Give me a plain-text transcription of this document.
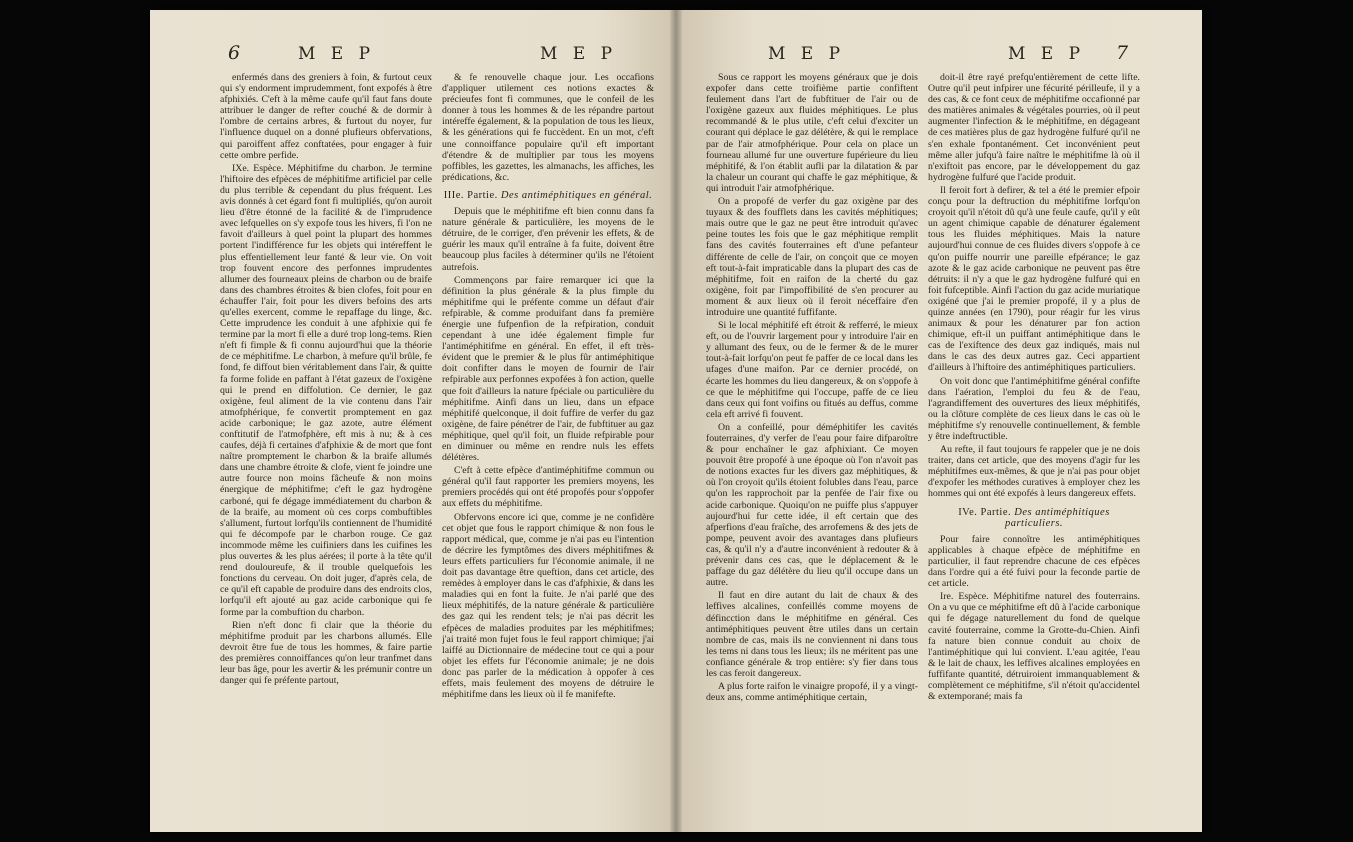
6	M E P	M E P

enfermés dans des greniers à foin, & furtout ceux qui s'y endorment imprudemment, font expofés à être afphixiés. C'eft à la même caufe qu'il faut fans doute attribuer le danger de refter couché & de dormir à l'ombre de certains arbres, & furtout du noyer, fur l'influence duquel on a donné plufieurs obfervations, qui paroiffent affez conftatées, pour engager à fuir cette ombre perfide.

IXe. Espèce. Méphitifme du charbon. Je termine l'hiftoire des efpèces de méphitifme artificiel par celle du plus terrible & cependant du plus fréquent. Les avis donnés à cet égard font fi multipliés, qu'on auroit lieu d'être étonné de la facilité & de l'imprudence avec lefquelles on s'y expofe tous les hivers, fi l'on ne favoit d'ailleurs à quel point la plupart des hommes portent l'indifférence fur les objets qui intéreffent le plus effentiellement leur fanté & leur vie. On voit trop fouvent encore des perfonnes imprudentes allumer des fourneaux pleins de charbon ou de braife dans des chambres étroites & bien clofes, foit pour en échauffer l'air, foit pour les divers befoins des arts qu'elles exercent, comme le repaffage du linge, &c. Cette imprudence les conduit à une afphixie qui fe termine par la mort fi elle a duré trop long-tems. Rien n'eft fi fimple & fi connu aujourd'hui que la théorie de ce méphitifme. Le charbon, à mefure qu'il brûle, fe fond, fe diffout bien véritablement dans l'air, & quitte fa forme folide en paffant à l'état gazeux de l'oxigène qui le prend en diffolution. Ce dernier, le gaz oxigène, feul aliment de la vie contenu dans l'air atmofphérique, fe convertit promptement en gaz acide carbonique; le gaz azote, autre élément conftitutif de l'atmofphère, eft mis à nu; & à ces caufes, déjà fi certaines d'afphixie & de mort que font naître promptement le charbon & la braife allumés dans une chambre étroite & clofe, vient fe joindre une autre fource non moins fâcheufe & non moins énergique de méphitifme; c'eft le gaz hydrogène carboné, qui fe dégage immédiatement du charbon & de la braife, au moment où ces corps combuftibles s'allument, furtout lorfqu'ils contiennent de l'humidité qui fe décompofe par le charbon rouge. Ce gaz incommode même les cuifiniers dans les cuifines les plus ouvertes & les plus aérées; il porte à la tête qu'il rend douloureufe, & il trouble quelquefois les fonctions du cerveau. On doit juger, d'après cela, de ce qu'il eft capable de produire dans des endroits clos, lorfqu'il eft ajouté au gaz acide carbonique qui fe forme par la combuftion du charbon.

Rien n'eft donc fi clair que la théorie du méphitifme produit par les charbons allumés. Elle devroit être fue de tous les hommes, & faire partie des premières connoiffances qu'on leur tranfmet dans leur bas âge, pour les avertir & les prémunir contre un danger qui fe préfente partout,

& fe renouvelle chaque jour. Les occafions d'appliquer utilement ces notions exactes & précieufes font fi communes, que le confeil de les donner à tous les hommes & de les répandre partout intéreffe également, & la population de tous les lieux, & les générations qui fe fuccèdent. En un mot, c'eft une connoiffance populaire qu'il eft important d'étendre & de multiplier par tous les moyens poffibles, les gazettes, les almanachs, les affiches, les prédications, &c.

IIIe. Partie. Des antiméphitiques en général.

Depuis que le méphitifme eft bien connu dans fa nature générale & particulière, les moyens de le détruire, de le corriger, d'en prévenir les effets, & de guérir les maux qu'il entraîne à fa fuite, doivent être beaucoup plus faciles à déterminer qu'ils ne l'étoient autrefois.

Commençons par faire remarquer ici que la définition la plus générale & la plus fimple du méphitifme qui le préfente comme un défaut d'air refpirable, & comme produifant dans fa première énergie une fufpenfion de la refpiration, conduit cependant à une idée également fimple fur l'antiméphitifme en général. En effet, il eft très-évident que le premier & le plus fûr antiméphitique doit confifter dans le moyen de fournir de l'air refpirable aux perfonnes expofées à fon action, quelle que foit d'ailleurs la nature fpéciale ou particulière du méphitifme. Ainfi dans un lieu, dans un efpace méphitifé quelconque, il doit fuffire de verfer du gaz oxigène, de faire pénétrer de l'air, de fubftituer au gaz méphitique, quel qu'il foit, un fluide refpirable pour en diminuer ou même en rendre nuls les effets délétères.

C'eft à cette efpèce d'antiméphitifme commun ou général qu'il faut rapporter les premiers moyens, les premiers procédés qui ont été propofés pour s'oppofer aux effets du méphitifme.

Obfervons encore ici que, comme je ne confidère cet objet que fous le rapport chimique & non fous le rapport médical, que, comme je n'ai pas eu l'intention de décrire les fymptômes des divers méphitifmes & leurs effets particuliers fur l'économie animale, il ne doit pas davantage être queftion, dans cet article, des remèdes à employer dans le cas d'afphixie, & dans les maladies qui en font la fuite. Je n'ai parlé que des lieux méphitifés, de la nature générale & particulière des gaz qui les rendent tels; je n'ai pas décrit les efpèces de maladies produites par les méphitifmes; j'ai traité mon fujet fous le feul rapport chimique; j'ai laiffé au Dictionnaire de médecine tout ce qui a pour objet les effets fur l'économie animale; je ne dois donc pas parler de la médication à oppofer à ces effets, mais feulement des moyens de détruire le méphitifme dans les lieux où il fe manifefte.

M E P	M E P 7

Sous ce rapport les moyens généraux que je dois expofer dans cette troifième partie confiftent feulement dans l'art de fubftituer de l'air ou de l'oxigène gazeux aux fluides méphitiques. Le plus recommandé & le plus utile, c'eft celui d'exciter un courant qui déplace le gaz délétère, & qui le remplace par de l'air atmofphérique. Pour cela on place un fourneau allumé fur une ouverture fupérieure du lieu méphitifé, & l'on établit aufli par la dilatation & par la chaleur un courant qui chaffe le gaz méphitique, & qui introduit l'air atmofphérique.

On a propofé de verfer du gaz oxigène par des tuyaux & des foufflets dans les cavités méphitiques; mais outre que le gaz ne peut être introduit qu'avec peine toutes les fois que le gaz méphitique remplit fans des cavités fouterraines eft d'une pefanteur différente de celle de l'air, on conçoit que ce moyen eft tout-à-fait impraticable dans la plupart des cas de méphitifme, foit en raifon de la cherté du gaz oxigène, foit par l'impoffibilité de s'en procurer au moment & aux lieux où il feroit néceffaire d'en introduire une quantité fuffifante.

Si le local méphitifé eft étroit & refferré, le mieux eft, ou de l'ouvrir largement pour y introduire l'air en y allumant des feux, ou de le fermer & de le murer tout-à-fait lorfqu'on peut fe paffer de ce local dans les ufages d'une maifon. Par ce dernier procédé, on écarte les hommes du lieu dangereux, & on s'oppofe à ce que le méphitifme qui l'occupe, paffe de ce lieu dans ceux qui font voifins ou fitués au deffus, comme cela eft arrivé fi fouvent.

On a confeillé, pour déméphitifer les cavités fouterraines, d'y verfer de l'eau pour faire difparoître & pour enchaîner le gaz afphixiant. Ce moyen pouvoit être propofé à une époque où l'on n'avoit pas de notions exactes fur les divers gaz méphitiques, & où l'on croyoit qu'ils étoient folubles dans l'eau, parce qu'on les rapprochoit par la penfée de l'air fixe ou acide carbonique. Quoiqu'on ne puiffe plus s'appuyer aujourd'hui fur cette idée, il eft certain que des afperfions d'eau fraîche, des arrofemens & des jets de pompe, peuvent avoir des avantages dans plufieurs cas, & qu'il n'y a d'autre inconvénient à redouter & à prévenir dans ces cas, que le déplacement & le paffage du gaz délétère du lieu qu'il occupe dans un autre.

Il faut en dire autant du lait de chaux & des leffives alcalines, confeillés comme moyens de défincction dans le méphitifme en général. Ces antiméphitiques peuvent être utiles dans un certain nombre de cas, mais ils ne conviennent ni dans tous les tems ni dans tous les lieux; ils ne méritent pas une confiance générale & trop entière: s'y fier dans tous les cas feroit dangereux.

A plus forte raifon le vinaigre propofé, il y a vingt-deux ans, comme antiméphitique certain,

doit-il être rayé prefqu'entièrement de cette lifte. Outre qu'il peut infpirer une fécurité périlleufe, il y a des cas, & ce font ceux de méphitifme occafionné par des matières animales & végétales pourries, où il peut augmenter l'infection & le méphitifme, en dégageant de ces matières plus de gaz hydrogène fulfuré qu'il ne s'en exhale fpontanément. Cet inconvénient peut même aller jufqu'à faire naître le méphitifme là où il n'exiftoit pas encore, par le développement du gaz hydrogène fulfuré que l'acide produit.

Il feroit fort à defirer, & tel a été le premier efpoir conçu pour la deftruction du méphitifme lorfqu'on croyoit qu'il n'étoit dû qu'à une feule caufe, qu'il y eût un agent chimique capable de dénaturer également tous les fluides méphitiques. Mais la nature aujourd'hui connue de ces fluides divers s'oppofe à ce qu'on puiffe nourrir une pareille efpérance; le gaz azote & le gaz acide carbonique ne peuvent pas être détruits: il n'y a que le gaz hydrogène fulfuré qui en foit fufceptible. Ainfi l'action du gaz acide muriatique oxigéné que j'ai le premier propofé, il y a plus de quinze années (en 1790), pour réagir fur les virus animaux & pour les dénaturer par fon action chimique, eft-il un puiffant antiméphitique dans le cas de l'exiftence des deux gaz indiqués, mais nul dans le cas des deux autres gaz. Ceci appartient d'ailleurs à l'hiftoire des antiméphitiques particuliers.

On voit donc que l'antiméphitifme général confifte dans l'aération, l'emploi du feu & de l'eau, l'agrandiffement des ouvertures des lieux méphitifés, ou la clôture complète de ces lieux dans le cas où le méphitifme s'y renouvelle continuellement, & femble y être indeftructible.

Au refte, il faut toujours fe rappeler que je ne dois traiter, dans cet article, que des moyens d'agir fur les méphitifmes eux-mêmes, & que je n'ai pas pour objet d'expofer les méthodes curatives à employer chez les hommes qui ont été expofés à leurs dangereux effets.

IVe. Partie. Des antiméphitiques particuliers.

Pour faire connoître les antiméphitiques applicables à chaque efpèce de méphitifme en particulier, il faut reprendre chacune de ces efpèces dans l'ordre qui a été fuivi pour la feconde partie de cet article.

Ire. Espèce. Méphitifme naturel des fouterrains. On a vu que ce méphitifme eft dû à l'acide carbonique qui fe dégage naturellement du fond de quelque cavité fouterraine, comme la Grotte-du-Chien. Ainfi fa nature bien connue conduit au choix de l'antiméphitique qui lui convient. L'eau agitée, l'eau & le lait de chaux, les leffives alcalines employées en fuffifante quantité, détruiroient immanquablement & complètement ce méphitifme, s'il n'étoit qu'accidentel & extemporané; mais fa
